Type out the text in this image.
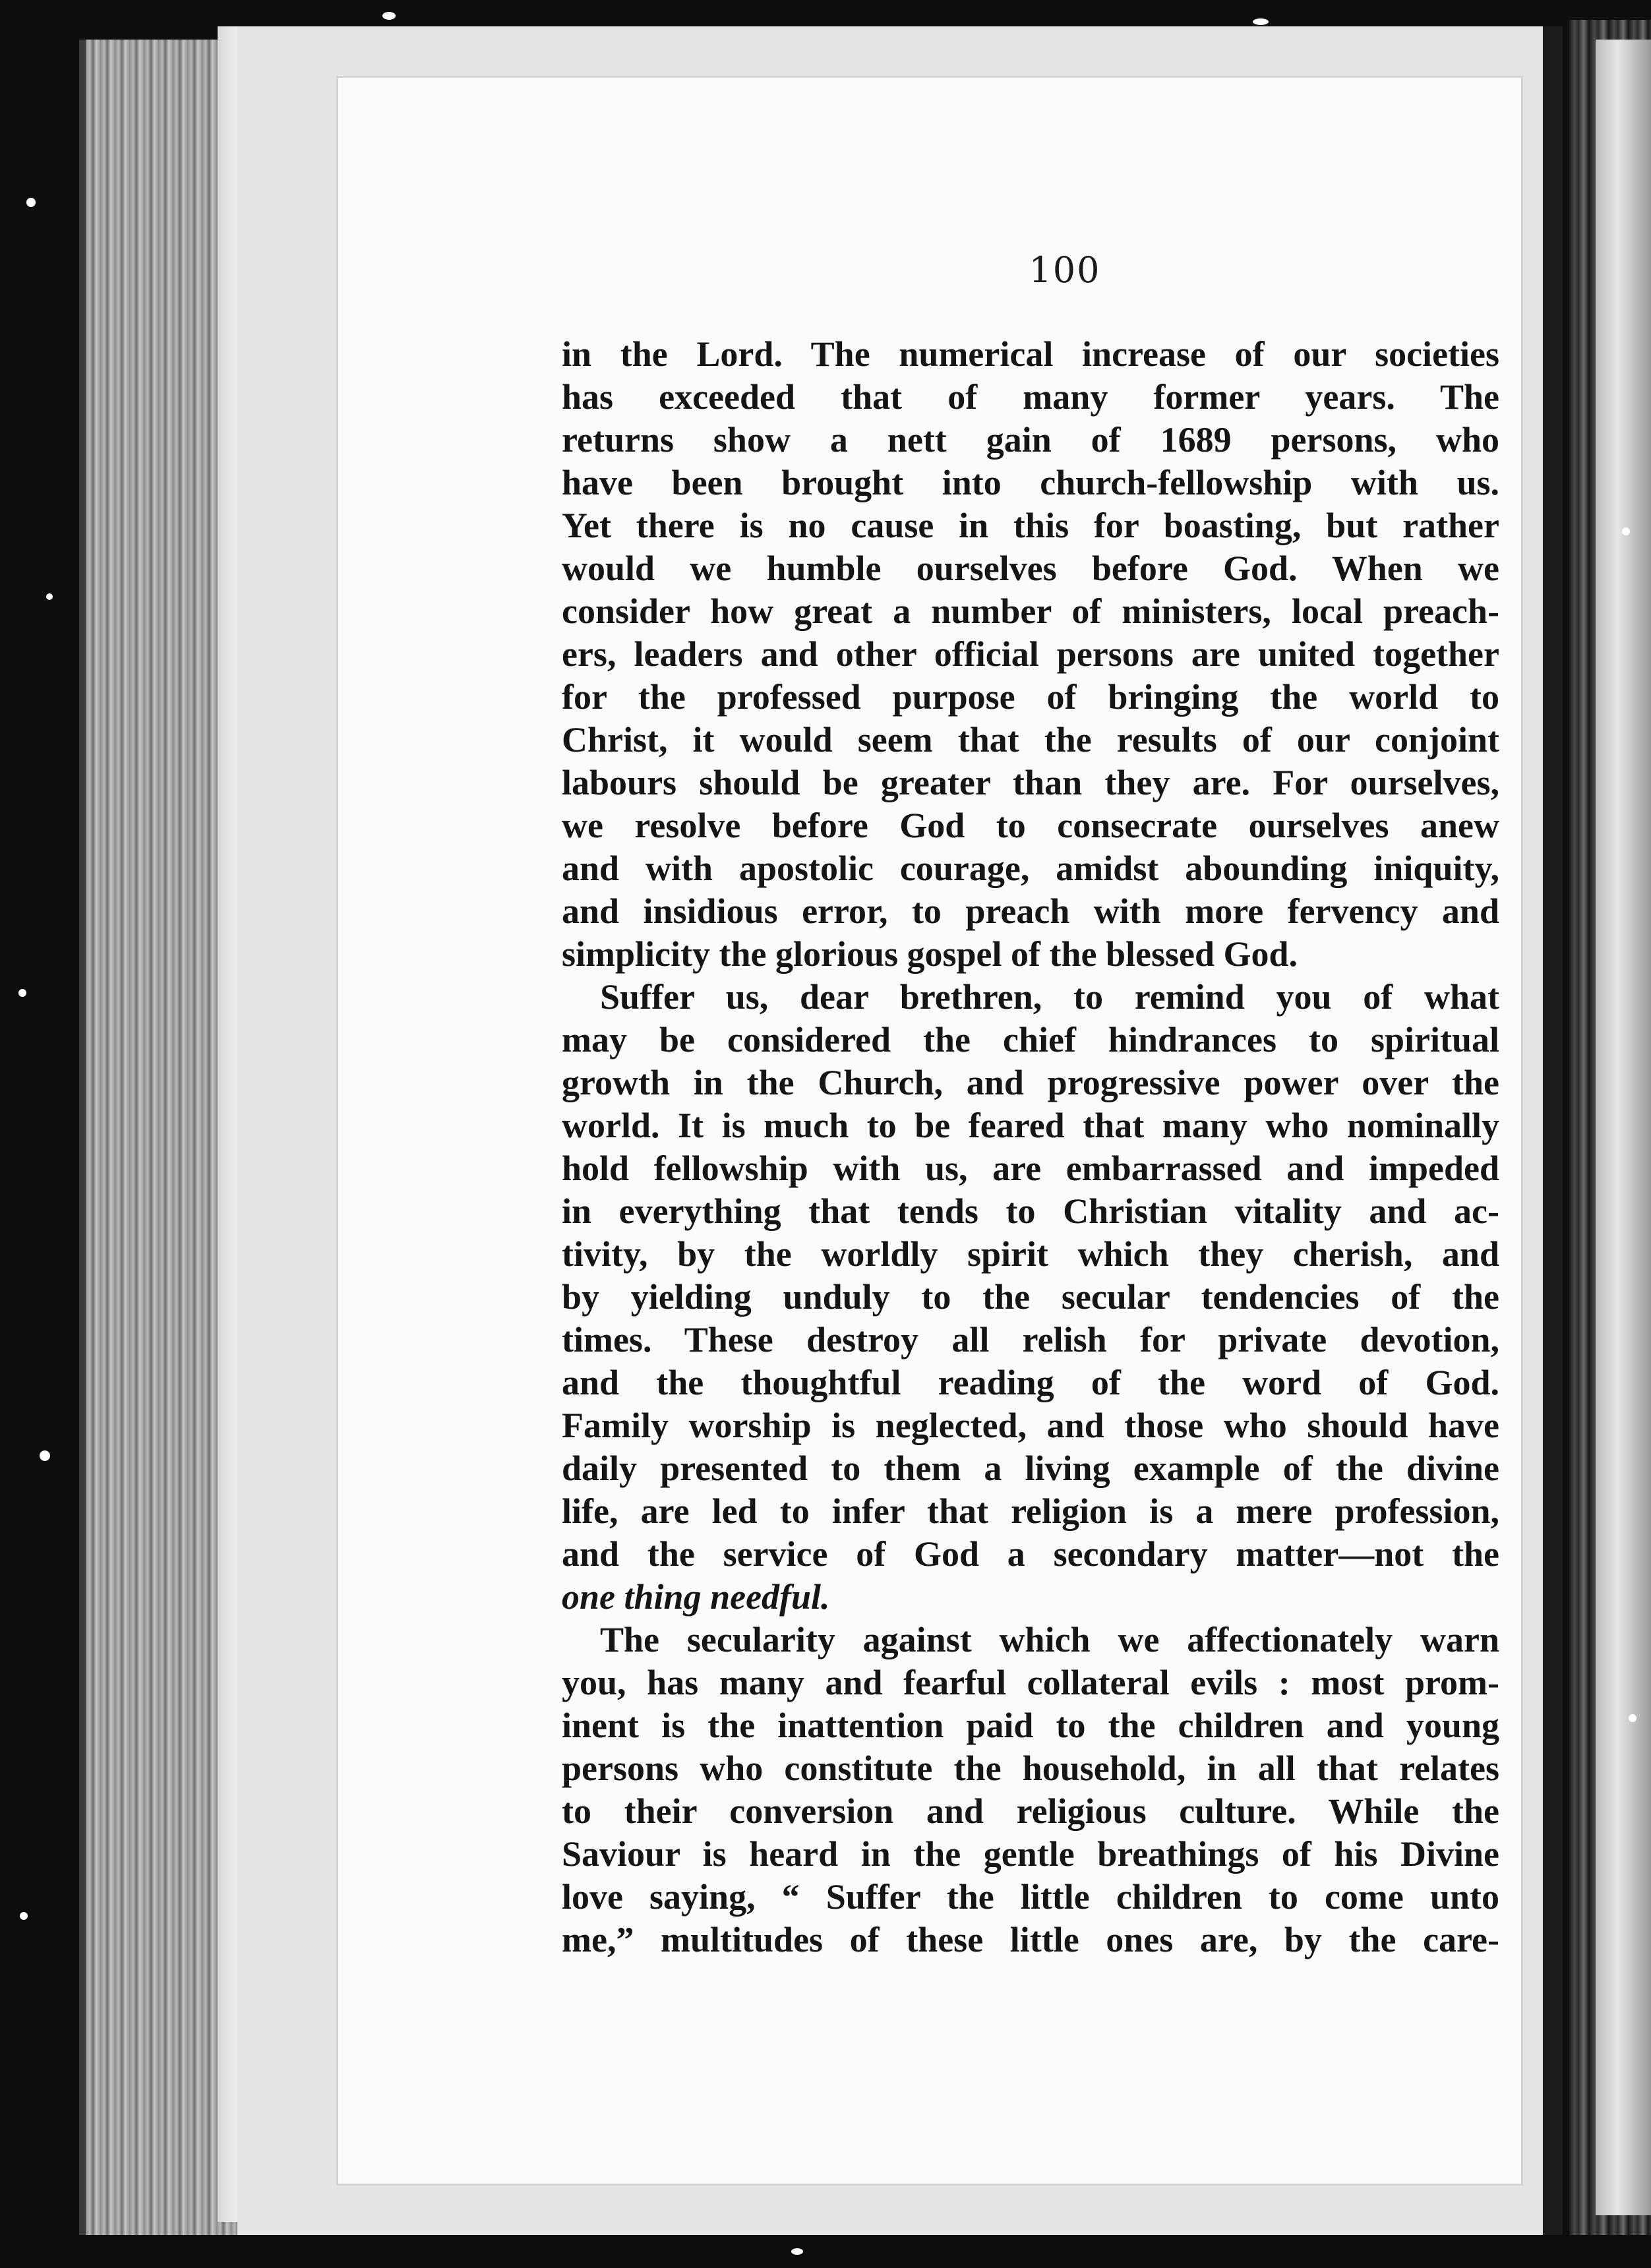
100
in the Lord. The numerical increase of our societies
has exceeded that of many former years. The
returns show a nett gain of 1689 persons, who
have been brought into church-fellowship with us.
Yet there is no cause in this for boasting, but rather
would we humble ourselves before God. When we
consider how great a number of ministers, local preach-
ers, leaders and other official persons are united together
for the professed purpose of bringing the world to
Christ, it would seem that the results of our conjoint
labours should be greater than they are. For ourselves,
we resolve before God to consecrate ourselves anew
and with apostolic courage, amidst abounding iniquity,
and insidious error, to preach with more fervency and
simplicity the glorious gospel of the blessed God.
Suffer us, dear brethren, to remind you of what
may be considered the chief hindrances to spiritual
growth in the Church, and progressive power over the
world. It is much to be feared that many who nominally
hold fellowship with us, are embarrassed and impeded
in everything that tends to Christian vitality and ac-
tivity, by the worldly spirit which they cherish, and
by yielding unduly to the secular tendencies of the
times. These destroy all relish for private devotion,
and the thoughtful reading of the word of God.
Family worship is neglected, and those who should have
daily presented to them a living example of the divine
life, are led to infer that religion is a mere profession,
and the service of God a secondary matter—not the
one thing needful.
The secularity against which we affectionately warn
you, has many and fearful collateral evils : most prom-
inent is the inattention paid to the children and young
persons who constitute the household, in all that relates
to their conversion and religious culture. While the
Saviour is heard in the gentle breathings of his Divine
love saying, “ Suffer the little children to come unto
me,” multitudes of these little ones are, by the care-
